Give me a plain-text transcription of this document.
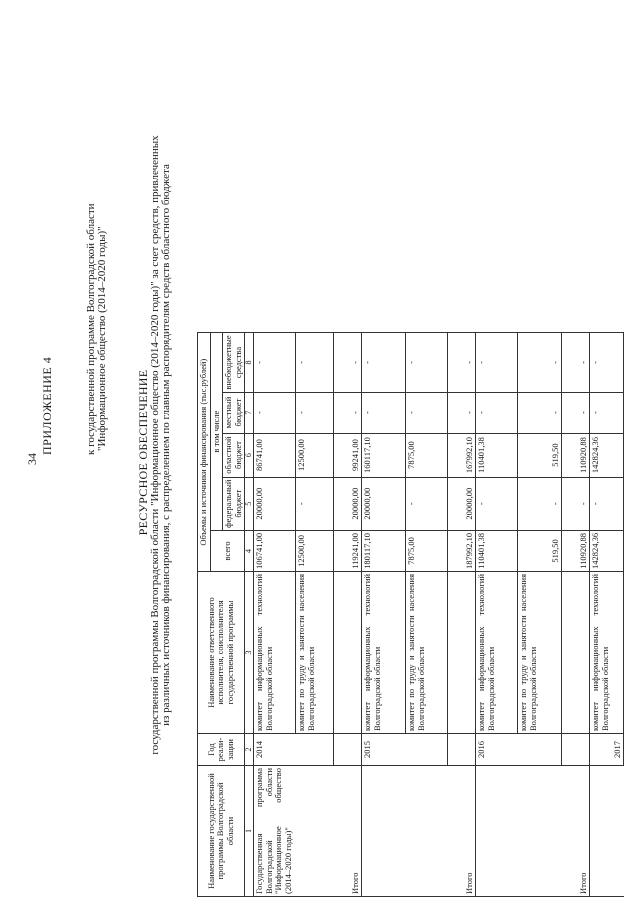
34
ПРИЛОЖЕНИЕ 4	к государственной программе Волгоградской области "Информационное общество (2014–2020 годы)"
РЕСУРСНОЕ ОБЕСПЕЧЕНИЕ государственной программы Волгоградской области "Информационное общество (2014–2020 годы)" за счет средств, привлеченных из различных источников финансирования, с распределением по главным распорядителям средств областного бюджета
Наименование государственной программы Волгоградской области	Год реали-зации	Наименование ответственного исполнителя, соисполнителя государственной программы	Объемы и источники финансирования (тыс.рублей)				
			всего	в том числе			
				федеральный бюджет	областной бюджет	местный бюджет	внебюджетные средства
1	2	3	4	5	6	7	8
Государственная программа Волгоградской области "Информационное общество (2014–2020 годы)"	2014	комитет информационных технологий Волгоградской области	106741,00	20000,00	86741,00	-	-
		комитет по труду и занятости населения Волгоградской области	12500,00	-	12500,00	-	-
Итого			119241,00	20000,00	99241,00	-	-
	2015	комитет информационных технологий Волгоградской области	180117,10	20000,00	160117,10	-	-
		комитет по труду и занятости населения Волгоградской области	7875,00	-	7875,00	-	-
Итого			187992,10	20000,00	167992,10	-	-
	2016	комитет информационных технологий Волгоградской области	110401,38	-	110401,38	-	-
		комитет по труду и занятости населения Волгоградской области	519,50	-	519,50	-	-
Итого			110920,88	-	110920,88	-	-
	2017	комитет информационных технологий Волгоградской области	142824,36	-	142824,36	-	-
